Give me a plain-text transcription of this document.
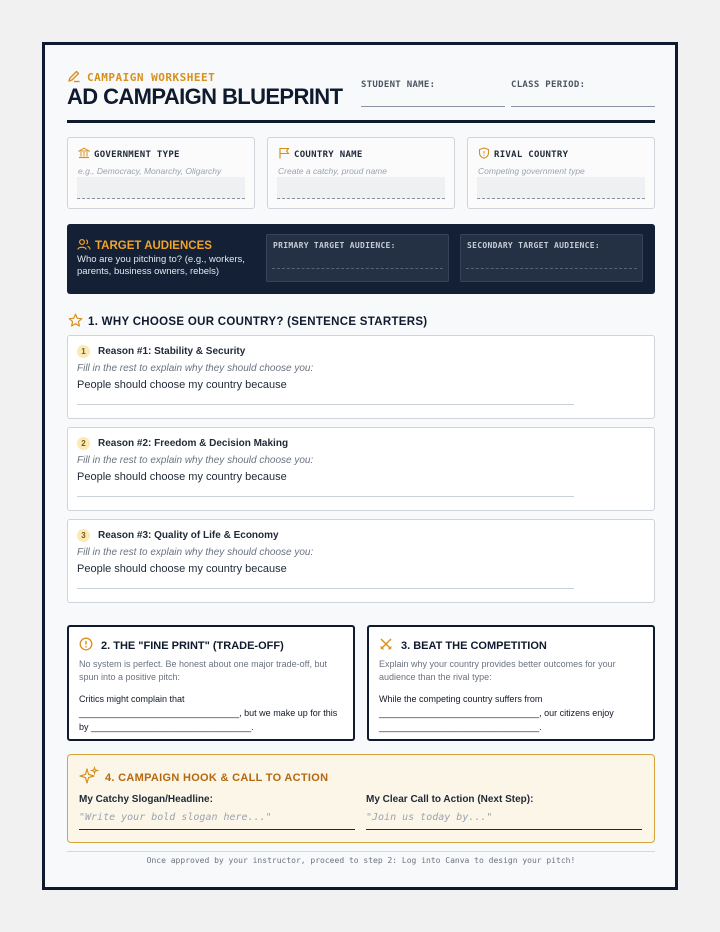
CAMPAIGN WORKSHEET
AD CAMPAIGN BLUEPRINT STUDENT NAME:	CLASS PERIOD:
GOVERNMENT TYPE
e.g., Democracy, Monarchy, Oligarchy
COUNTRY NAME
Create a catchy, proud name
RIVAL COUNTRY
Competing government type
TARGET AUDIENCES
Who are you pitching to? (e.g., workers, parents, business owners, rebels)
PRIMARY TARGET AUDIENCE:	SECONDARY TARGET AUDIENCE:
1. WHY CHOOSE OUR COUNTRY? (SENTENCE STARTERS)
1	Reason #1: Stability & Security
Fill in the rest to explain why they should choose you:
People should choose my country because
2	Reason #2: Freedom & Decision Making
Fill in the rest to explain why they should choose you:
People should choose my country because
3	Reason #3: Quality of Life & Economy
Fill in the rest to explain why they should choose you:
People should choose my country because
2. THE "FINE PRINT" (TRADE-OFF)
No system is perfect. Be honest about one major trade-off, but spun into a positive pitch:
Critics might complain that ________________________________, but we make up for this by ________________________________.
3. BEAT THE COMPETITION
Explain why your country provides better outcomes for your audience than the rival type:
While the competing country suffers from ________________________________, our citizens enjoy ________________________________.
4. CAMPAIGN HOOK & CALL TO ACTION
My Catchy Slogan/Headline:
"Write your bold slogan here..."
My Clear Call to Action (Next Step):
"Join us today by..."
Once approved by your instructor, proceed to step 2: Log into Canva to design your pitch!
